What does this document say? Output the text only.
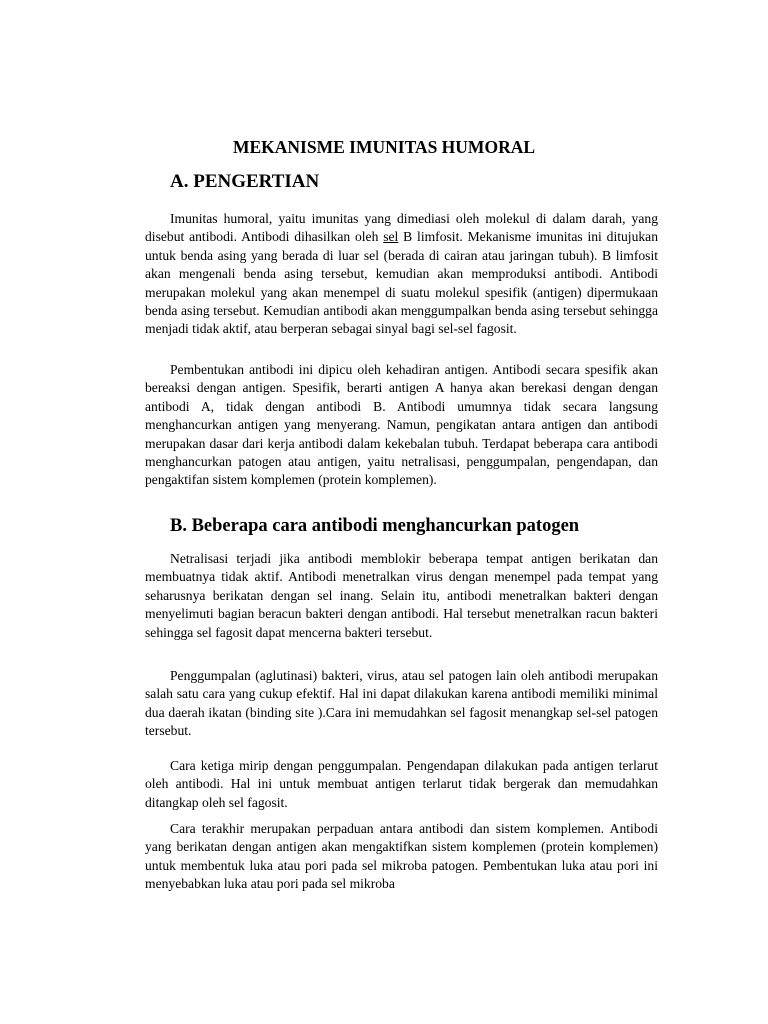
MEKANISME IMUNITAS HUMORAL
A. PENGERTIAN

Imunitas humoral, yaitu imunitas yang dimediasi oleh molekul di dalam darah, yang disebut antibodi. Antibodi dihasilkan oleh sel B limfosit. Mekanisme imunitas ini ditujukan untuk benda asing yang berada di luar sel (berada di cairan atau jaringan tubuh). B limfosit akan mengenali benda asing tersebut, kemudian akan memproduksi antibodi. Antibodi merupakan molekul yang akan menempel di suatu molekul spesifik (antigen) dipermukaan benda asing tersebut. Kemudian antibodi akan menggumpalkan benda asing tersebut sehingga menjadi tidak aktif, atau berperan sebagai sinyal bagi sel-sel fagosit.

Pembentukan antibodi ini dipicu oleh kehadiran antigen. Antibodi secara spesifik akan bereaksi dengan antigen. Spesifik, berarti antigen A hanya akan berekasi dengan dengan antibodi A, tidak dengan antibodi B. Antibodi umumnya tidak secara langsung menghancurkan antigen yang menyerang. Namun, pengikatan antara antigen dan antibodi merupakan dasar dari kerja antibodi dalam kekebalan tubuh. Terdapat beberapa cara antibodi menghancurkan patogen atau antigen, yaitu netralisasi, penggumpalan, pengendapan, dan pengaktifan sistem komplemen (protein komplemen).

B. Beberapa cara antibodi menghancurkan patogen

Netralisasi terjadi jika antibodi memblokir beberapa tempat antigen berikatan dan membuatnya tidak aktif. Antibodi menetralkan virus dengan menempel pada tempat yang seharusnya berikatan dengan sel inang. Selain itu, antibodi menetralkan bakteri dengan menyelimuti bagian beracun bakteri dengan antibodi. Hal tersebut menetralkan racun bakteri sehingga sel fagosit dapat mencerna bakteri tersebut.

Penggumpalan (aglutinasi) bakteri, virus, atau sel patogen lain oleh antibodi merupakan salah satu cara yang cukup efektif. Hal ini dapat dilakukan karena antibodi memiliki minimal dua daerah ikatan (binding site ).Cara ini memudahkan sel fagosit menangkap sel-sel patogen tersebut.

Cara ketiga mirip dengan penggumpalan. Pengendapan dilakukan pada antigen terlarut oleh antibodi. Hal ini untuk membuat antigen terlarut tidak bergerak dan memudahkan ditangkap oleh sel fagosit.

Cara terakhir merupakan perpaduan antara antibodi dan sistem komplemen. Antibodi yang berikatan dengan antigen akan mengaktifkan sistem komplemen (protein komplemen) untuk membentuk luka atau pori pada sel mikroba patogen. Pembentukan luka atau pori ini menyebabkan luka atau pori pada sel mikroba
